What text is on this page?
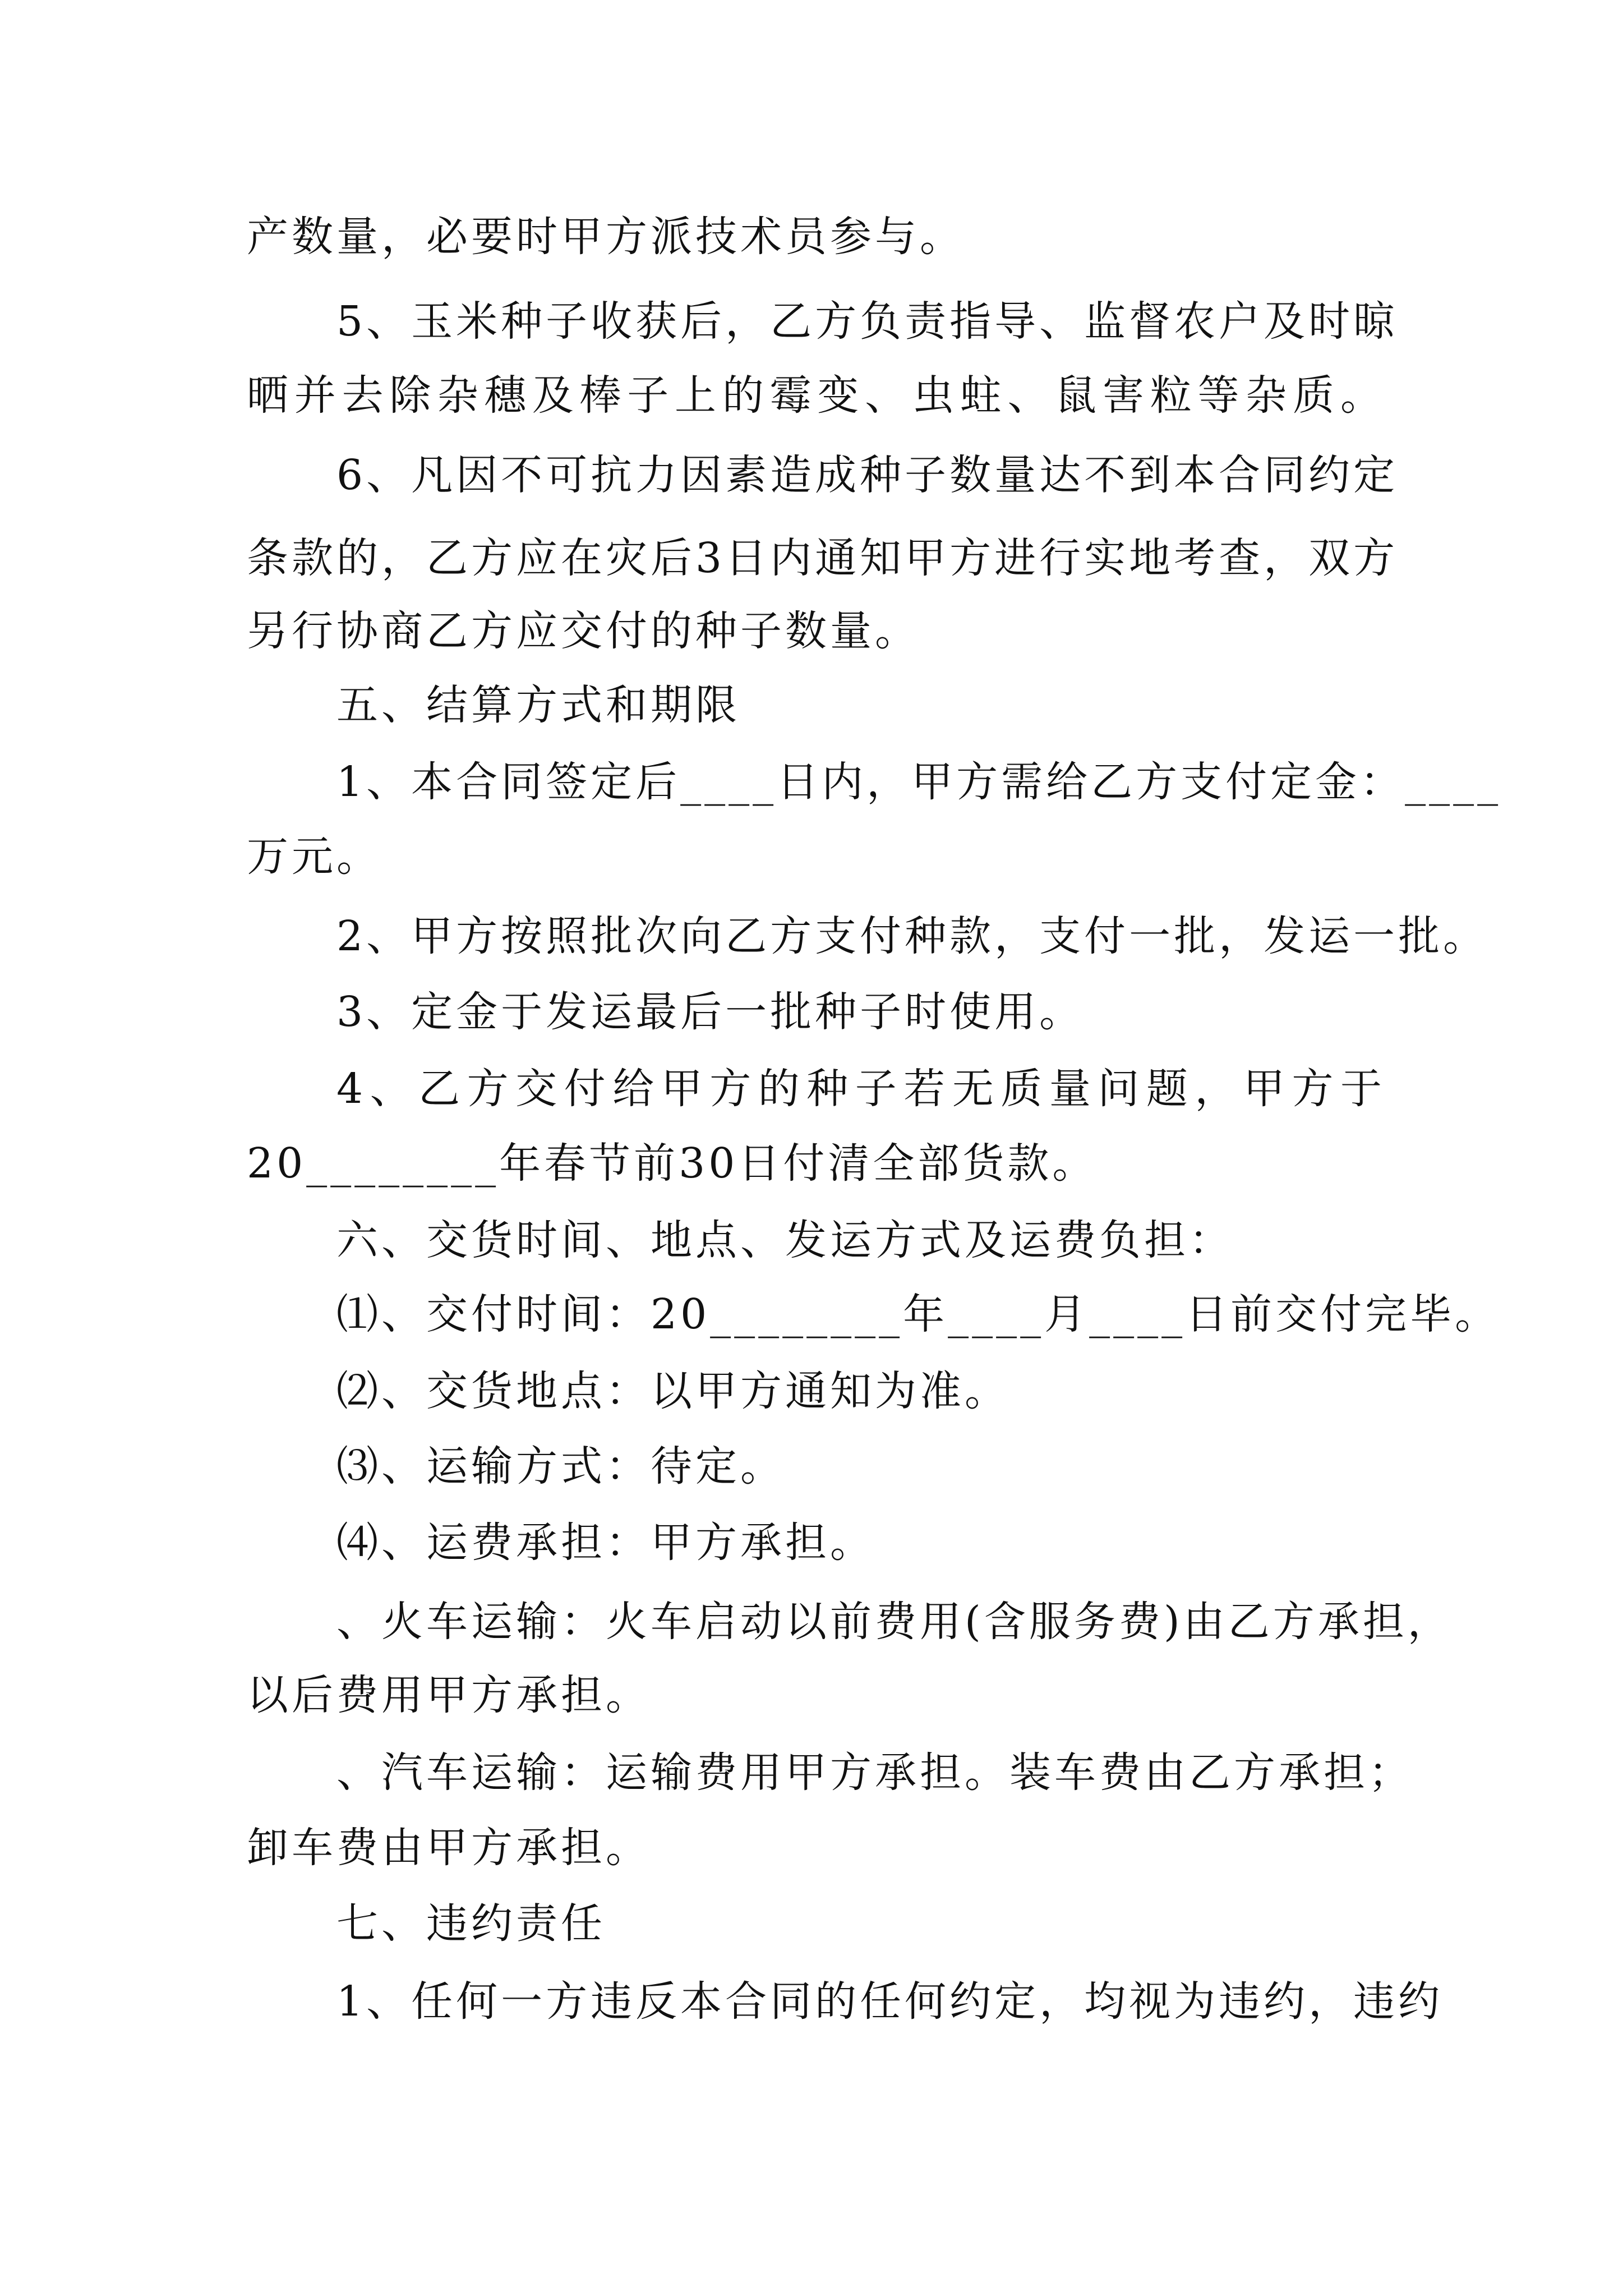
产数量，必要时甲方派技术员参与。
5、玉米种子收获后，乙方负责指导、监督农户及时晾
晒并去除杂穗及棒子上的霉变、虫蛀、鼠害粒等杂质。
6、凡因不可抗力因素造成种子数量达不到本合同约定
条款的，乙方应在灾后3日内通知甲方进行实地考查，双方
另行协商乙方应交付的种子数量。
五、结算方式和期限
1、本合同签定后____日内，甲方需给乙方支付定金：____
万元。
2、甲方按照批次向乙方支付种款，支付一批，发运一批。
3、定金于发运最后一批种子时使用。
4、乙方交付给甲方的种子若无质量问题，甲方于
20________年春节前30日付清全部货款。
六、交货时间、地点、发运方式及运费负担：
⑴、交付时间：20________年____月____日前交付完毕。
⑵、交货地点：以甲方通知为准。
⑶、运输方式：待定。
⑷、运费承担：甲方承担。
、火车运输：火车启动以前费用(含服务费)由乙方承担，
以后费用甲方承担。
、汽车运输：运输费用甲方承担。装车费由乙方承担；
卸车费由甲方承担。
七、违约责任
1、任何一方违反本合同的任何约定，均视为违约，违约
